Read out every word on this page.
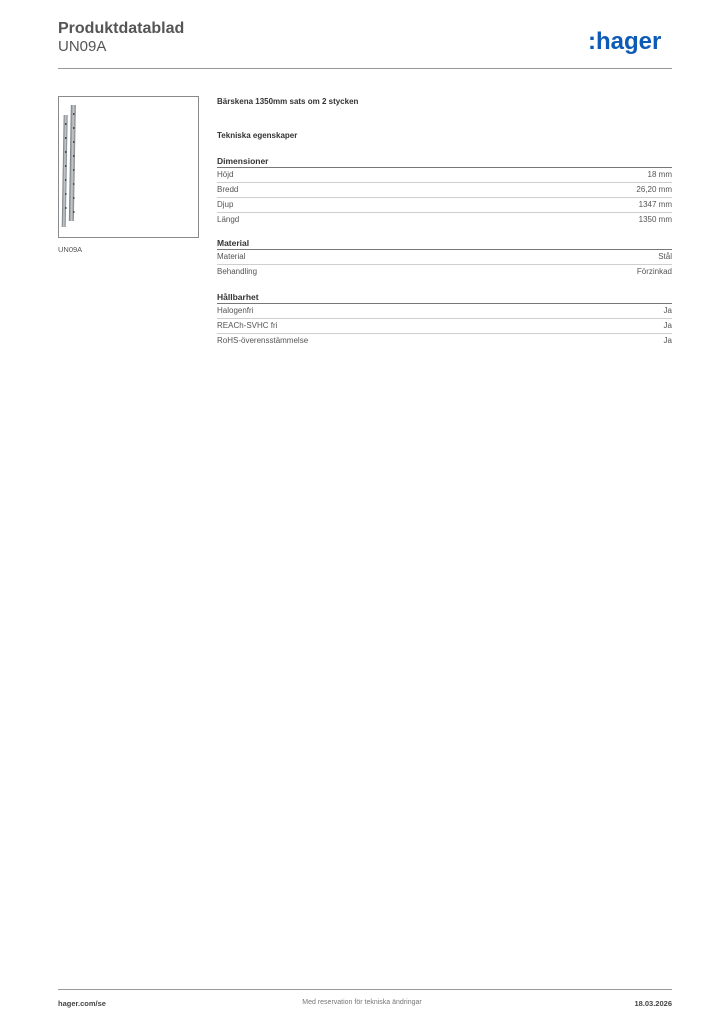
Produktdatablad
UN09A	:hager
UN09A
Bärskena 1350mm sats om 2 stycken
Tekniska egenskaper
Dimensioner
Höjd	18 mm
Bredd	26,20 mm
Djup	1347 mm
Längd	1350 mm
Material
Material	Stål
Behandling	Förzinkad
Hållbarhet
Halogenfri	Ja
REACh-SVHC fri	Ja
RoHS-överensstämmelse	Ja
hager.com/se	Med reservation för tekniska ändringar	18.03.2026
